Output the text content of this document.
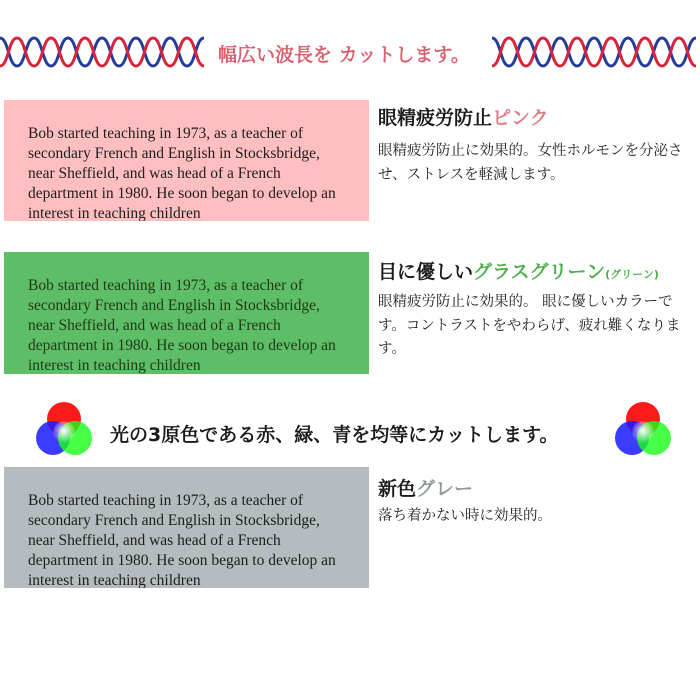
幅広い波長を カットします。

Bob started teaching in 1973, as a teacher of secondary French and English in Stocksbridge, near Sheffield, and was head of a French department in 1980. He soon began to develop an interest in teaching children

眼精疲労防止ピンク
眼精疲労防止に効果的。女性ホルモンを分泌させ、ストレスを軽減します。

Bob started teaching in 1973, as a teacher of secondary French and English in Stocksbridge, near Sheffield, and was head of a French department in 1980. He soon began to develop an interest in teaching children

目に優しいグラスグリーン(グリーン)
眼精疲労防止に効果的。 眼に優しいカラーです。コントラストをやわらげ、疲れ難くなります。
光の3原色である赤、緑、青を均等にカットします。

Bob started teaching in 1973, as a teacher of secondary French and English in Stocksbridge, near Sheffield, and was head of a French department in 1980. He soon began to develop an interest in teaching children

新色グレー
落ち着かない時に効果的。
